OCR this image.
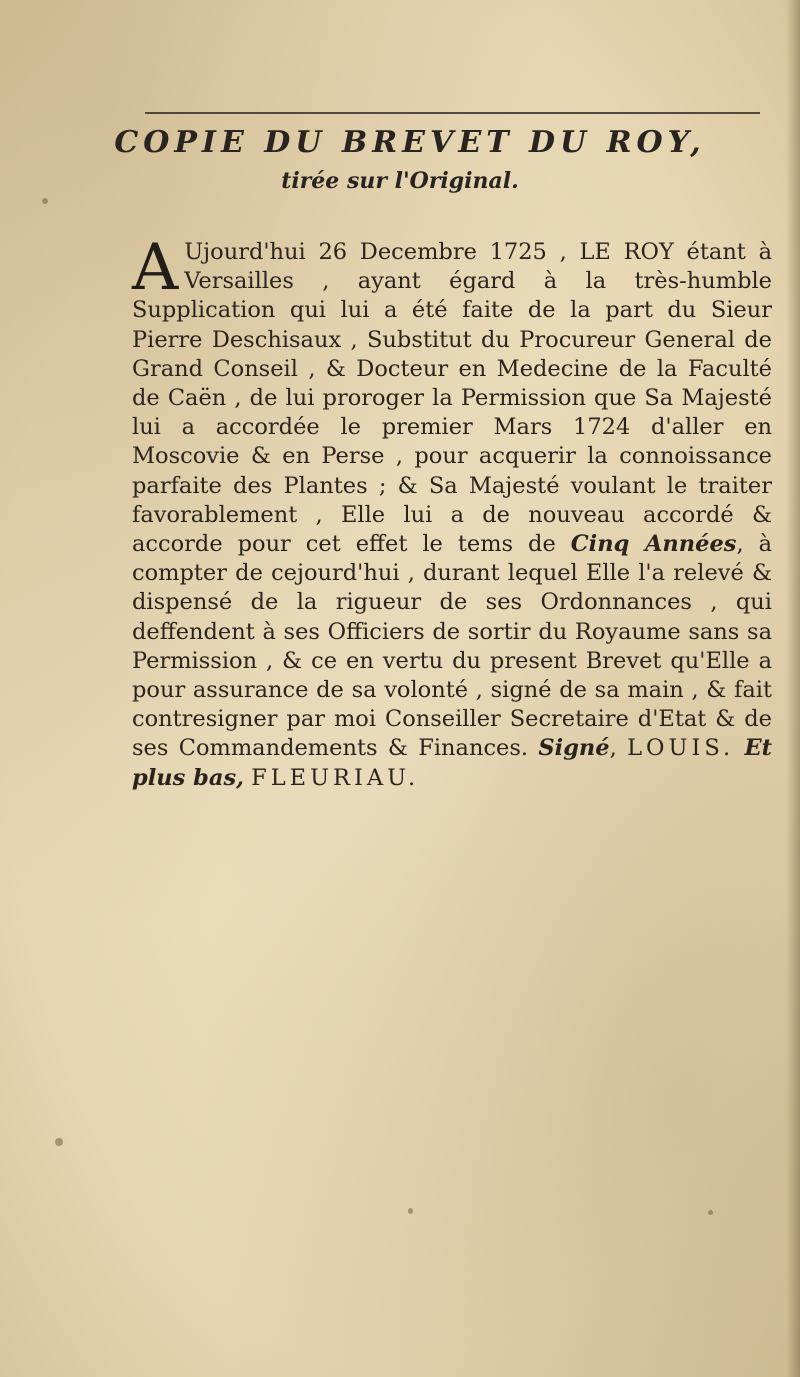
COPIE DU BREVET DU ROY,

tirée sur l'Original.

A Ujourd'hui 26 Decembre 1725 , LE ROY étant à Versailles , ayant égard à la très-humble Supplication qui lui a été faite de la part du Sieur Pierre Deschisaux , Substitut du Procureur General de Grand Conseil , & Docteur en Medecine de la Faculté de Caën , de lui proroger la Permission que Sa Majesté lui a accordée le premier Mars 1724 d'aller en Moscovie & en Perse , pour acquerir la connoissance parfaite des Plantes ; & Sa Majesté voulant le traiter favorablement , Elle lui a de nouveau accordé & accorde pour cet effet le tems de Cinq Années, à compter de cejourd'hui , durant lequel Elle l'a relevé & dispensé de la rigueur de ses Ordonnances , qui deffendent à ses Officiers de sortir du Royaume sans sa Permission , & ce en vertu du present Brevet qu'Elle a pour assurance de sa volonté , signé de sa main , & fait contresigner par moi Conseiller Secretaire d'Etat & de ses Commandements & Finances. Signé, LOUIS. Et plus bas, FLEURIAU.
